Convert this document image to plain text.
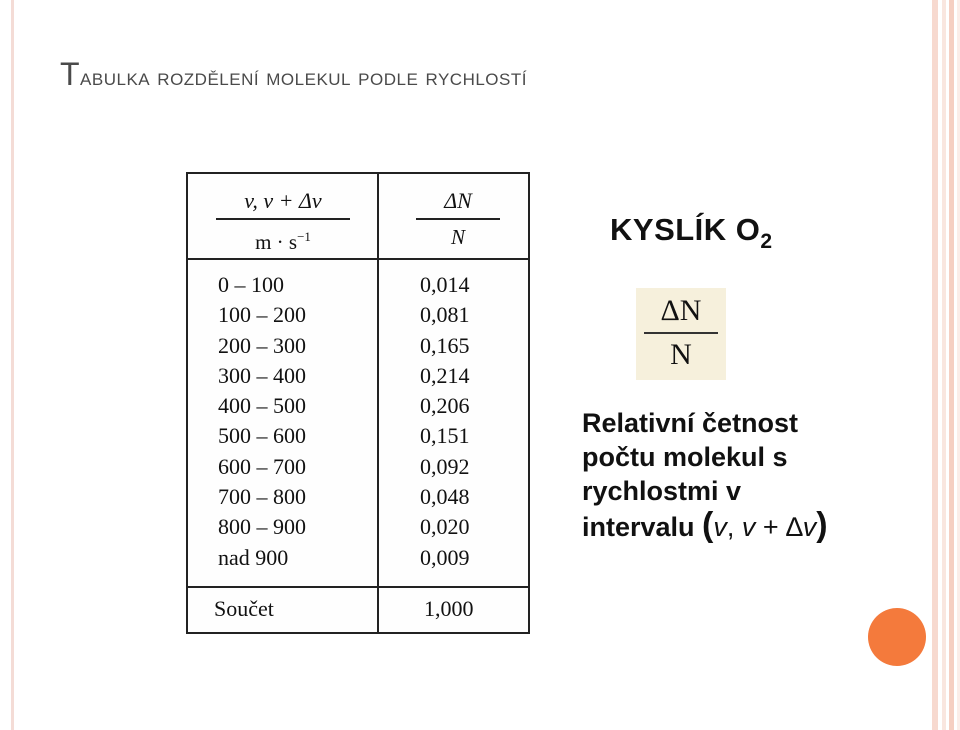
Tabulka rozdělení molekul podle rychlostí
v, v + Δv
$m \cdot s^{-1}$
ΔN
N
0 – 100
100 – 200
200 – 300
300 – 400
400 – 500
500 – 600
600 – 700
700 – 800
800 – 900
nad 900
0,014
0,081
0,165
0,214
0,206
0,151
0,092
0,048
0,020
0,009
Součet	1,000
KYSLÍK $O_2$
ΔN
N
Relativní četnost
počtu molekul s
rychlostmi v
intervalu (v, v + ∆v)
